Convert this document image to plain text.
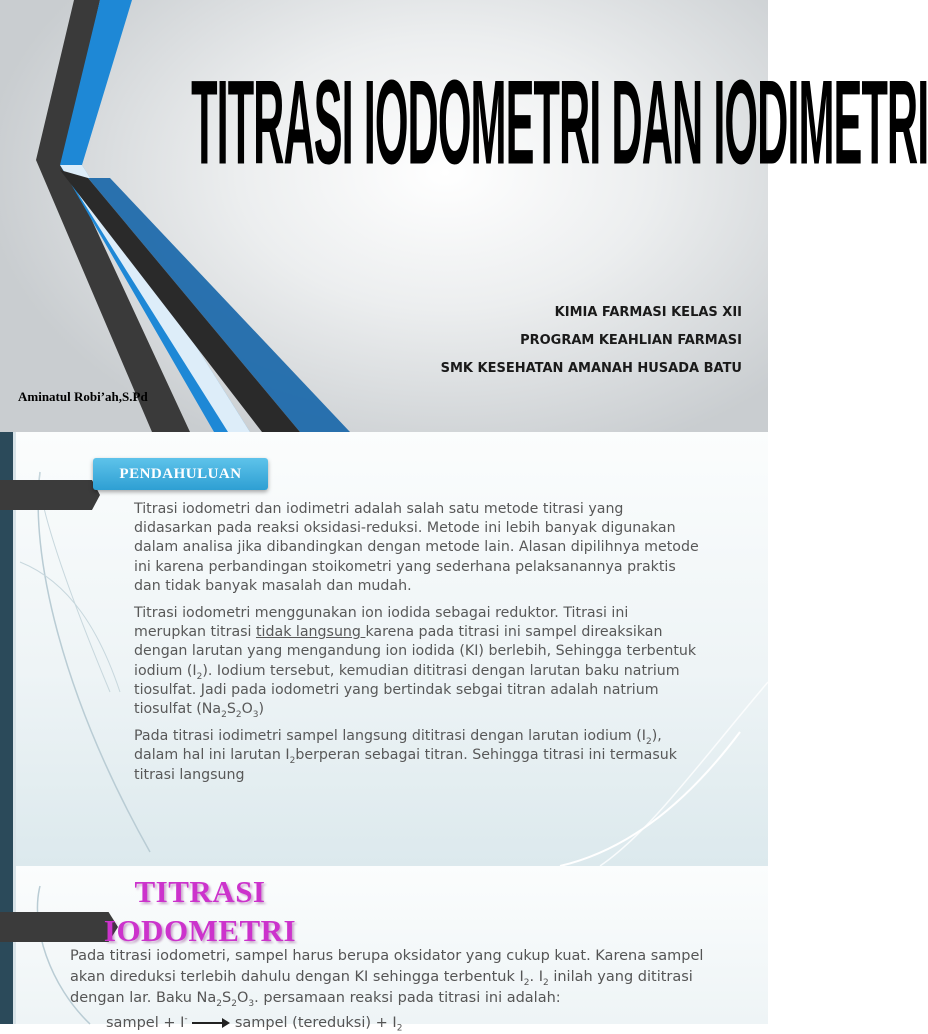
TITRASI IODOMETRI DAN IODIMETRI
KIMIA FARMASI KELAS XII
PROGRAM KEAHLIAN FARMASI
SMK KESEHATAN AMANAH HUSADA BATU
Aminatul Robi’ah,S.Pd
PENDAHULUAN
Titrasi iodometri dan iodimetri adalah salah satu metode titrasi yang didasarkan pada reaksi oksidasi-reduksi. Metode ini lebih banyak digunakan dalam analisa jika dibandingkan dengan metode lain. Alasan dipilihnya metode ini karena perbandingan stoikometri yang sederhana pelaksanannya praktis dan tidak banyak masalah dan mudah.
Titrasi iodometri menggunakan ion iodida sebagai reduktor. Titrasi ini merupkan titrasi tidak langsung karena pada titrasi ini sampel direaksikan dengan larutan yang mengandung ion iodida (KI) berlebih, Sehingga terbentuk iodium $(I_2)$. Iodium tersebut, kemudian dititrasi dengan larutan baku natrium tiosulfat. Jadi pada iodometri yang bertindak sebgai titran adalah natrium tiosulfat $(Na_2S_2O_3)$
Pada titrasi iodimetri sampel langsung dititrasi dengan larutan iodium $(I_2)$, dalam hal ini larutan $I_2berperan$ sebagai titran. Sehingga titrasi ini termasuk titrasi langsung
TITRASI
IODOMETRI

Pada titrasi iodometri, sampel harus berupa oksidator yang cukup kuat. Karena sampel akan direduksi terlebih dahulu dengan KI sehingga terbentuk $I_2$. $I_2$ inilah yang dititrasi dengan lar. Baku $Na_2S_2O_3$. persamaan reaksi pada titrasi ini adalah:
sampel + I-	sampel (tereduksi) + $I_2$
